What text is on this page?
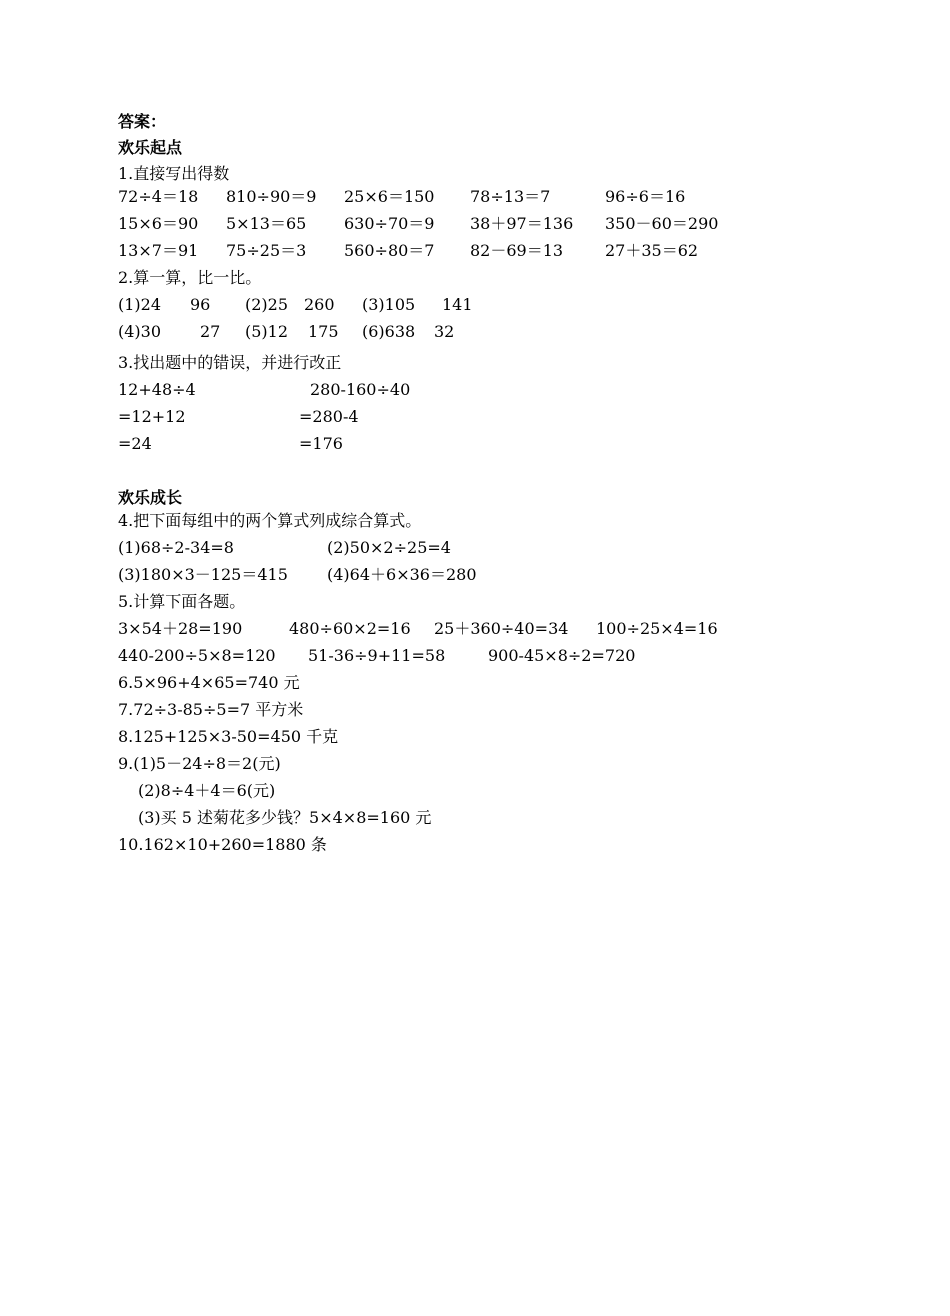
答案：
欢乐起点
1.直接写出得数
72÷4＝18 810÷90＝9 25×6＝150 78÷13＝7	96÷6＝16
15×6＝90 5×13＝65 630÷70＝9 38＋97＝136 350－60＝290
13×7＝91 75÷25＝3 560÷80＝7 82－69＝13	27＋35＝62
2.算一算，比一比。
(1)24 96 (2)25 260 (3)105 141
(4)30 27 (5)12 175 (6)638 32
3.找出题中的错误，并进行改正
12+48÷4	280-160÷40
=12+12	=280-4
=24	=176
欢乐成长
4.把下面每组中的两个算式列成综合算式。
(1)68÷2-34=8	(2)50×2÷25=4
(3)180×3－125＝415 (4)64＋6×36＝280
5.计算下面各题。
3×54＋28=190	480÷60×2=16 25＋360÷40=34 100÷25×4=16
440-200÷5×8=120 51-36÷9+11=58	900-45×8÷2=720
6.5×96+4×65=740 元
7.72÷3-85÷5=7 平方米
8.125+125×3-50=450 千克
9.(1)5－24÷8＝2(元)
(2)8÷4＋4＝6(元)
(3)买 5 述菊花多少钱？5×4×8=160 元
10.162×10+260=1880 条
